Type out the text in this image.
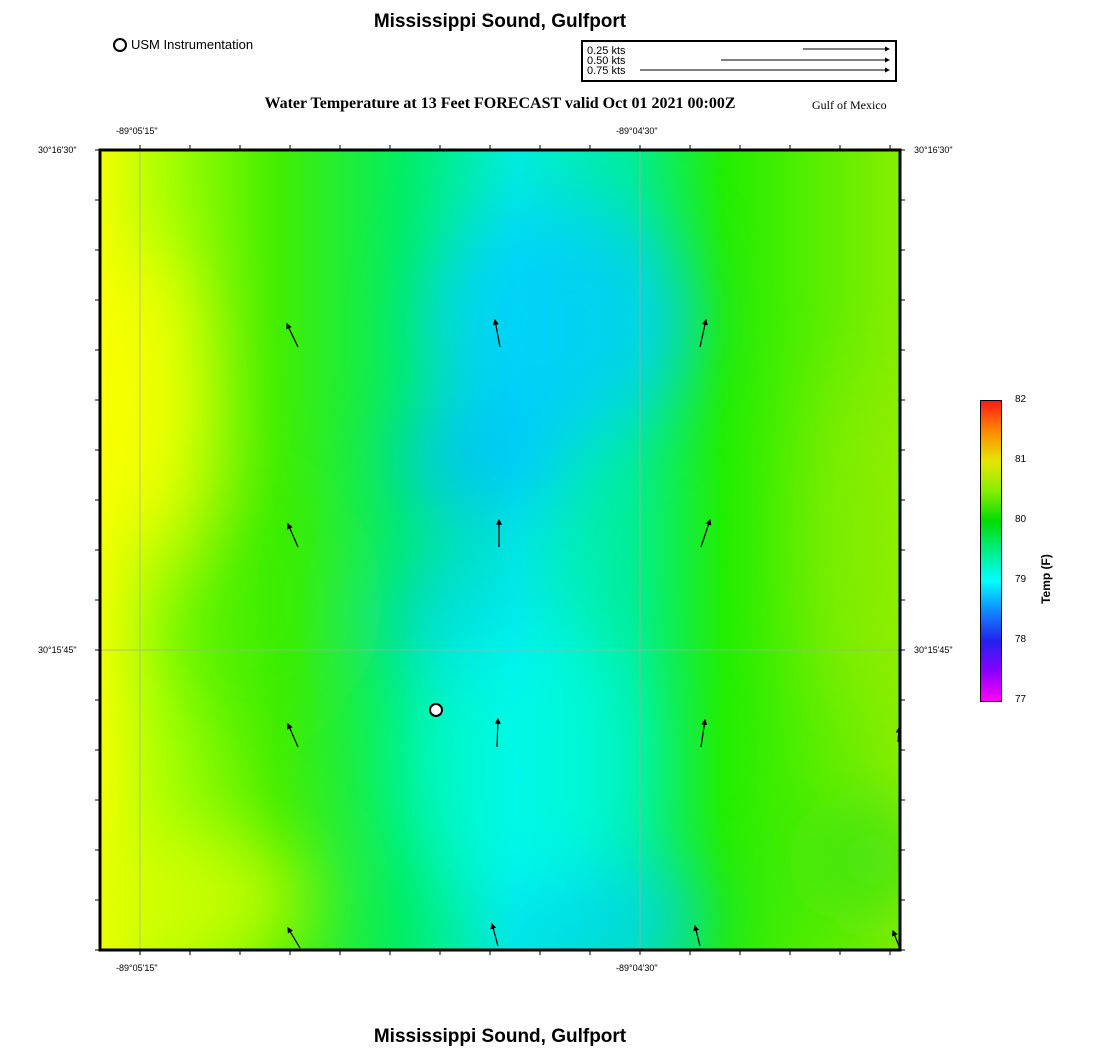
Mississippi Sound, Gulfport
Water Temperature at 13 Feet FORECAST valid Oct 01 2021 00:00Z	Gulf of Mexico
USM Instrumentation	0.25 kts
0.50 kts
0.75 kts
-89°05'15"	-89°04'30"
-89°05'15"	-89°04'30"
30°16'30"
30°15'45"
30°16'30"
30°15'45"
82
81
80
79
78
77
Temp (F)
Mississippi Sound, Gulfport
